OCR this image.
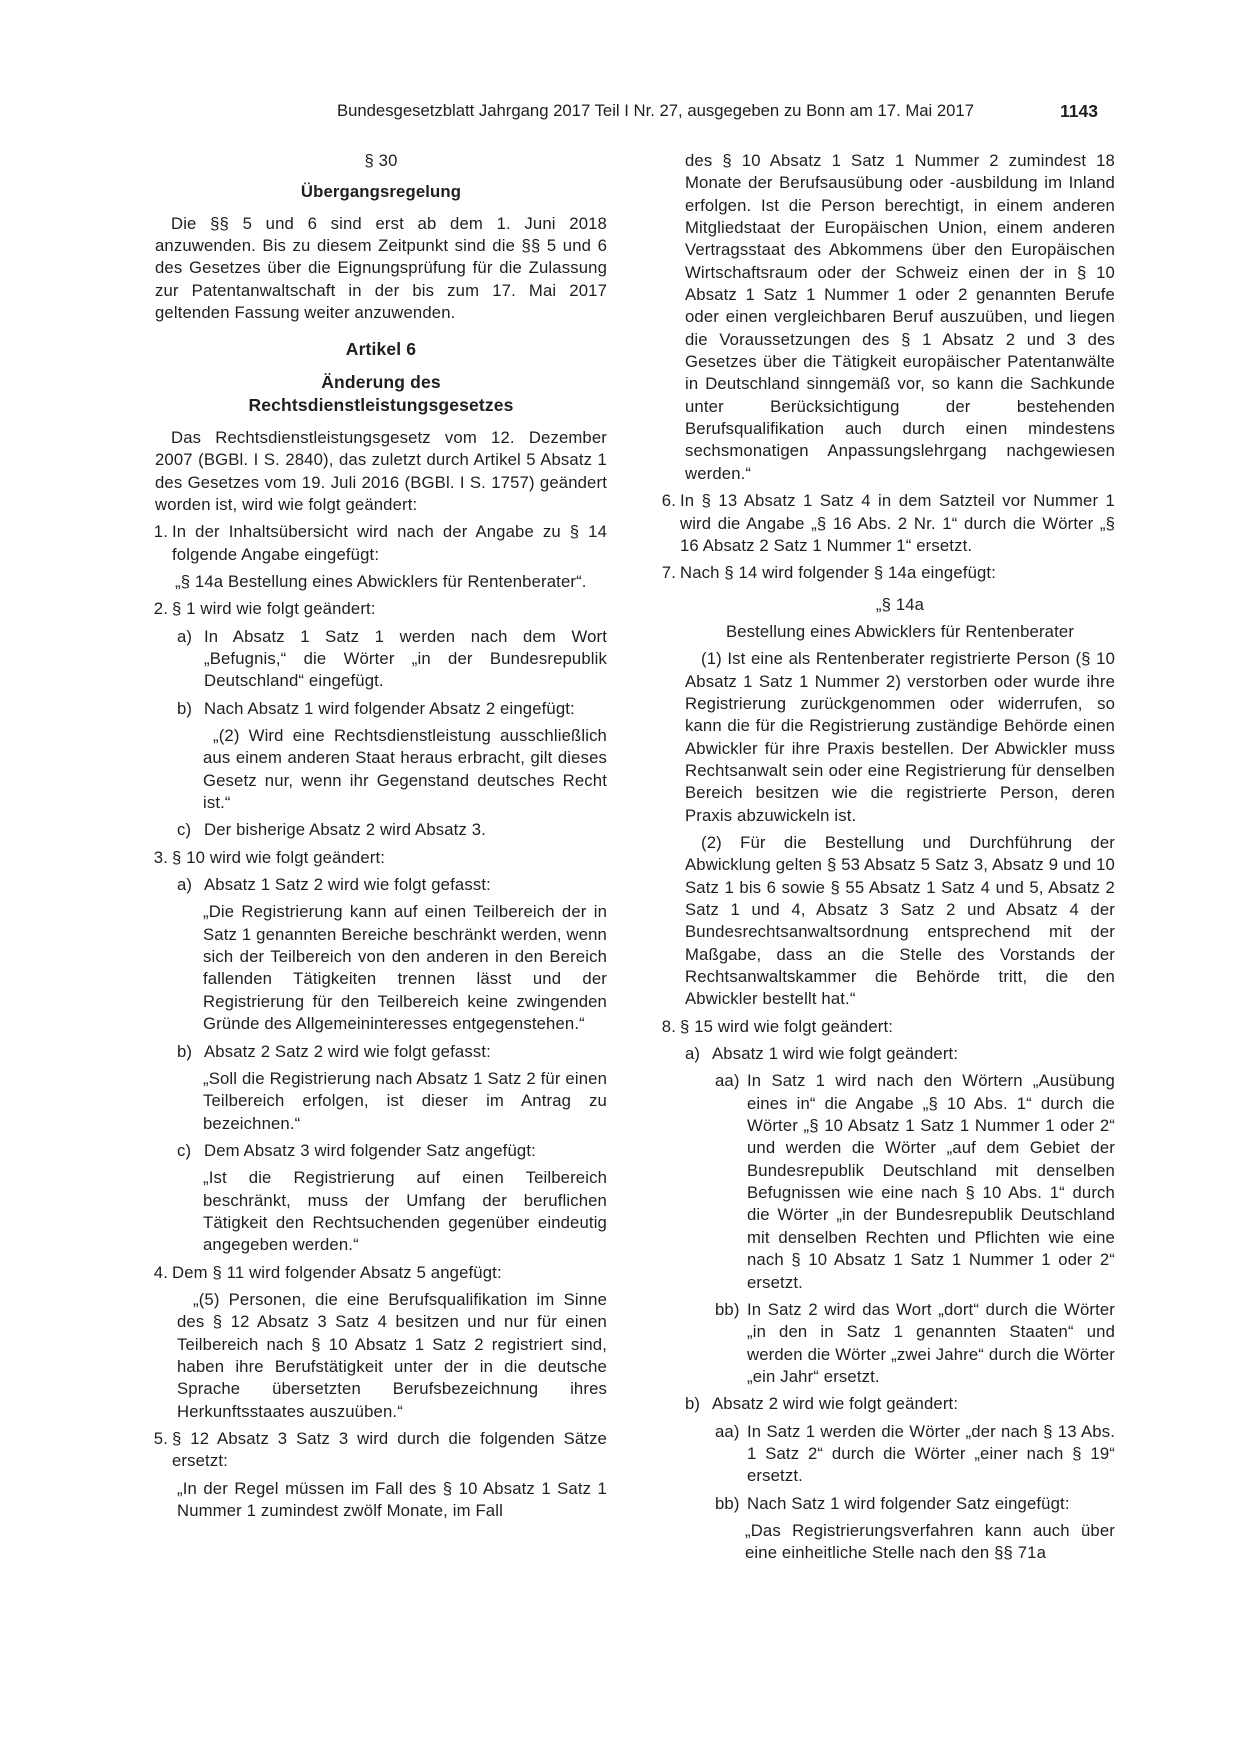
Bundesgesetzblatt Jahrgang 2017 Teil I Nr. 27, ausgegeben zu Bonn am 17. Mai 2017	1143

§ 30

Übergangsregelung

Die §§ 5 und 6 sind erst ab dem 1. Juni 2018 anzuwenden. Bis zu diesem Zeitpunkt sind die §§ 5 und 6 des Gesetzes über die Eignungsprüfung für die Zulassung zur Patentanwaltschaft in der bis zum 17. Mai 2017 geltenden Fassung weiter anzuwenden.

Artikel 6

Änderung des

Rechtsdienstleistungsgesetzes

Das Rechtsdienstleistungsgesetz vom 12. Dezember 2007 (BGBl. I S. 2840), das zuletzt durch Artikel 5 Absatz 1 des Gesetzes vom 19. Juli 2016 (BGBl. I S. 1757) geändert worden ist, wird wie folgt geändert:

1. In der Inhaltsübersicht wird nach der Angabe zu § 14 folgende Angabe eingefügt:

„§ 14a Bestellung eines Abwicklers für Rentenberater“.

2. § 1 wird wie folgt geändert:
a) In Absatz 1 Satz 1 werden nach dem Wort „Befugnis,“ die Wörter „in der Bundesrepublik Deutschland“ eingefügt.
b) Nach Absatz 1 wird folgender Absatz 2 eingefügt:

„(2) Wird eine Rechtsdienstleistung ausschließlich aus einem anderen Staat heraus erbracht, gilt dieses Gesetz nur, wenn ihr Gegenstand deutsches Recht ist.“

c) Der bisherige Absatz 2 wird Absatz 3.
3. § 10 wird wie folgt geändert:
a) Absatz 1 Satz 2 wird wie folgt gefasst:

„Die Registrierung kann auf einen Teilbereich der in Satz 1 genannten Bereiche beschränkt werden, wenn sich der Teilbereich von den anderen in den Bereich fallenden Tätigkeiten trennen lässt und der Registrierung für den Teilbereich keine zwingenden Gründe des Allgemeininteresses entgegenstehen.“

b) Absatz 2 Satz 2 wird wie folgt gefasst:

„Soll die Registrierung nach Absatz 1 Satz 2 für einen Teilbereich erfolgen, ist dieser im Antrag zu bezeichnen.“

c) Dem Absatz 3 wird folgender Satz angefügt:

„Ist die Registrierung auf einen Teilbereich beschränkt, muss der Umfang der beruflichen Tätigkeit den Rechtsuchenden gegenüber eindeutig angegeben werden.“

4. Dem § 11 wird folgender Absatz 5 angefügt:

„(5) Personen, die eine Berufsqualifikation im Sinne des § 12 Absatz 3 Satz 4 besitzen und nur für einen Teilbereich nach § 10 Absatz 1 Satz 2 registriert sind, haben ihre Berufstätigkeit unter der in die deutsche Sprache übersetzten Berufsbezeichnung ihres Herkunftsstaates auszuüben.“

5. § 12 Absatz 3 Satz 3 wird durch die folgenden Sätze ersetzt:

„In der Regel müssen im Fall des § 10 Absatz 1 Satz 1 Nummer 1 zumindest zwölf Monate, im Fall

des § 10 Absatz 1 Satz 1 Nummer 2 zumindest 18 Monate der Berufsausübung oder -ausbildung im Inland erfolgen. Ist die Person berechtigt, in einem anderen Mitgliedstaat der Europäischen Union, einem anderen Vertragsstaat des Abkommens über den Europäischen Wirtschaftsraum oder der Schweiz einen der in § 10 Absatz 1 Satz 1 Nummer 1 oder 2 genannten Berufe oder einen vergleichbaren Beruf auszuüben, und liegen die Voraussetzungen des § 1 Absatz 2 und 3 des Gesetzes über die Tätigkeit europäischer Patentanwälte in Deutschland sinngemäß vor, so kann die Sachkunde unter Berücksichtigung der bestehenden Berufsqualifikation auch durch einen mindestens sechsmonatigen Anpassungslehrgang nachgewiesen werden.“

6. In § 13 Absatz 1 Satz 4 in dem Satzteil vor Nummer 1 wird die Angabe „§ 16 Abs. 2 Nr. 1“ durch die Wörter „§ 16 Absatz 2 Satz 1 Nummer 1“ ersetzt.
7. Nach § 14 wird folgender § 14a eingefügt:

„§ 14a

Bestellung eines Abwicklers für Rentenberater

(1) Ist eine als Rentenberater registrierte Person (§ 10 Absatz 1 Satz 1 Nummer 2) verstorben oder wurde ihre Registrierung zurückgenommen oder widerrufen, so kann die für die Registrierung zuständige Behörde einen Abwickler für ihre Praxis bestellen. Der Abwickler muss Rechtsanwalt sein oder eine Registrierung für denselben Bereich besitzen wie die registrierte Person, deren Praxis abzuwickeln ist.

(2) Für die Bestellung und Durchführung der Abwicklung gelten § 53 Absatz 5 Satz 3, Absatz 9 und 10 Satz 1 bis 6 sowie § 55 Absatz 1 Satz 4 und 5, Absatz 2 Satz 1 und 4, Absatz 3 Satz 2 und Absatz 4 der Bundesrechtsanwaltsordnung entsprechend mit der Maßgabe, dass an die Stelle des Vorstands der Rechtsanwaltskammer die Behörde tritt, die den Abwickler bestellt hat.“

8. § 15 wird wie folgt geändert:
a) Absatz 1 wird wie folgt geändert:
aa) In Satz 1 wird nach den Wörtern „Ausübung eines in“ die Angabe „§ 10 Abs. 1“ durch die Wörter „§ 10 Absatz 1 Satz 1 Nummer 1 oder 2“ und werden die Wörter „auf dem Gebiet der Bundesrepublik Deutschland mit denselben Befugnissen wie eine nach § 10 Abs. 1“ durch die Wörter „in der Bundesrepublik Deutschland mit denselben Rechten und Pflichten wie eine nach § 10 Absatz 1 Satz 1 Nummer 1 oder 2“ ersetzt.
bb) In Satz 2 wird das Wort „dort“ durch die Wörter „in den in Satz 1 genannten Staaten“ und werden die Wörter „zwei Jahre“ durch die Wörter „ein Jahr“ ersetzt.
b) Absatz 2 wird wie folgt geändert:
aa) In Satz 1 werden die Wörter „der nach § 13 Abs. 1 Satz 2“ durch die Wörter „einer nach § 19“ ersetzt.
bb) Nach Satz 1 wird folgender Satz eingefügt:

„Das Registrierungsverfahren kann auch über eine einheitliche Stelle nach den §§ 71a
